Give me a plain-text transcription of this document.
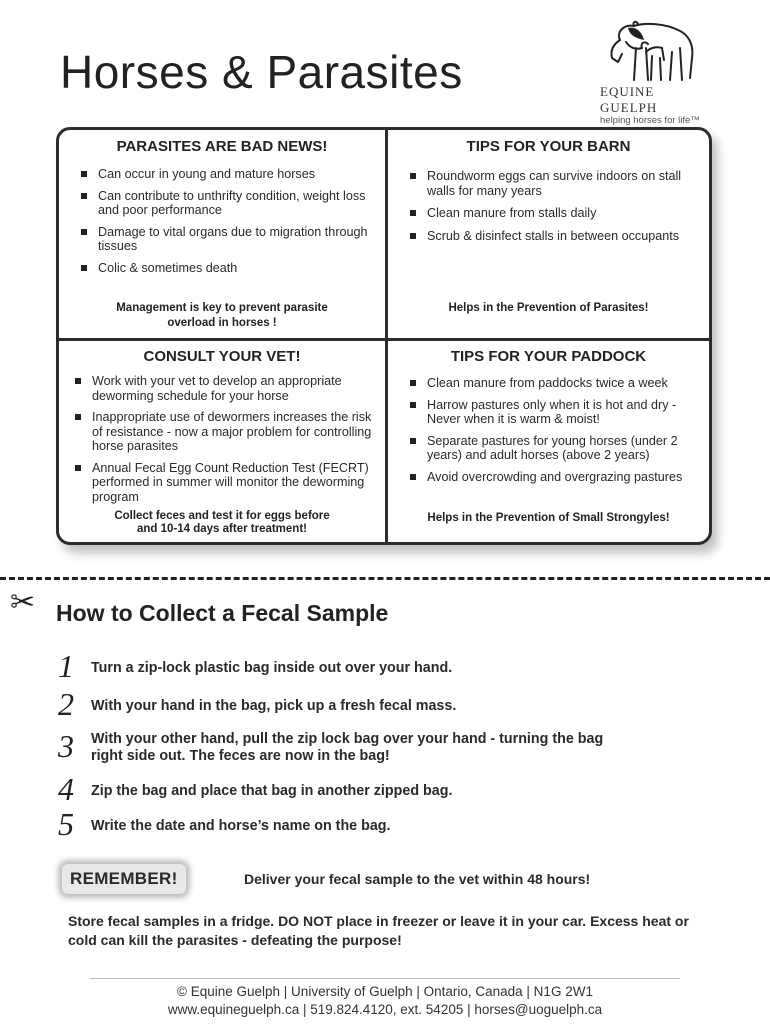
Horses & Parasites	EQUINE GUELPH
helping horses for life™
PARASITES ARE BAD NEWS!
Can occur in young and mature horses
Can contribute to unthrifty condition, weight loss and poor performance
Damage to vital organs due to migration through tissues
Colic & sometimes death
Management is key to prevent parasite overload in horses !
TIPS FOR YOUR BARN
Roundworm eggs can survive indoors on stall walls for many years
Clean manure from stalls daily
Scrub & disinfect stalls in between occupants
Helps in the Prevention of Parasites!
CONSULT YOUR VET!
Work with your vet to develop an appropriate deworming schedule for your horse
Inappropriate use of dewormers increases the risk of resistance - now a major problem for controlling horse parasites
Annual Fecal Egg Count Reduction Test (FECRT) performed in summer will monitor the deworming program
Collect feces and test it for eggs before and 10-14 days after treatment!
TIPS FOR YOUR PADDOCK
Clean manure from paddocks twice a week
Harrow pastures only when it is hot and dry - Never when it is warm & moist!
Separate pastures for young horses (under 2 years) and adult horses (above 2 years)
Avoid overcrowding and overgrazing pastures
Helps in the Prevention of Small Strongyles!
✂ How to Collect a Fecal Sample
1 Turn a zip-lock plastic bag inside out over your hand.
2 With your hand in the bag, pick up a fresh fecal mass.
3 With your other hand, pull the zip lock bag over your hand - turning the bag right side out. The feces are now in the bag!
4 Zip the bag and place that bag in another zipped bag.
5 Write the date and horse’s name on the bag.
REMEMBER!	Deliver your fecal sample to the vet within 48 hours!
Store fecal samples in a fridge. DO NOT place in freezer or leave it in your car. Excess heat or cold can kill the parasites - defeating the purpose!
© Equine Guelph | University of Guelph | Ontario, Canada | N1G 2W1
www.equineguelph.ca | 519.824.4120, ext. 54205 | horses@uoguelph.ca
